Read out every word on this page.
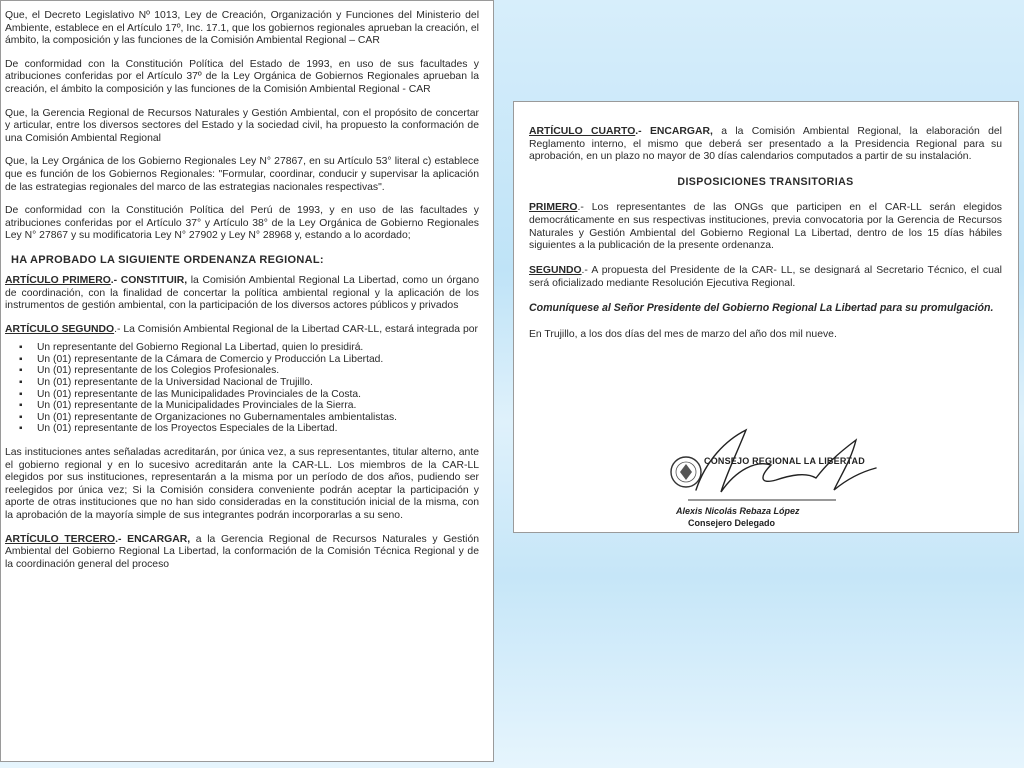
Que, el Decreto Legislativo Nº 1013, Ley de Creación, Organización y Funciones del Ministerio del Ambiente, establece en el Artículo 17º, Inc. 17.1, que los gobiernos regionales aprueban la creación, el ámbito, la composición y las funciones de la Comisión Ambiental Regional – CAR

De conformidad con la Constitución Política del Estado de 1993, en uso de sus facultades y atribuciones conferidas por el Artículo 37º de la Ley Orgánica de Gobiernos Regionales aprueban la creación, el ámbito la composición y las funciones de la Comisión Ambiental Regional - CAR

Que, la Gerencia Regional de Recursos Naturales y Gestión Ambiental, con el propósito de concertar y articular, entre los diversos sectores del Estado y la sociedad civil, ha propuesto la conformación de una Comisión Ambiental Regional

Que, la Ley Orgánica de los Gobierno Regionales Ley N° 27867, en su Artículo 53° literal c) establece que es función de los Gobiernos Regionales: "Formular, coordinar, conducir y supervisar la aplicación de las estrategias regionales del marco de las estrategias nacionales respectivas".

De conformidad con la Constitución Política del Perú de 1993, y en uso de las facultades y atribuciones conferidas por el Artículo 37° y Artículo 38° de la Ley Orgánica de Gobierno Regionales Ley N° 27867 y su modificatoria Ley N° 27902 y Ley N° 28968 y, estando a lo acordado;

HA APROBADO LA SIGUIENTE ORDENANZA REGIONAL:

ARTÍCULO PRIMERO.- CONSTITUIR, la Comisión Ambiental Regional La Libertad, como un órgano de coordinación, con la finalidad de concertar la política ambiental regional y la aplicación de los instrumentos de gestión ambiental, con la participación de los diversos actores públicos y privados

ARTÍCULO SEGUNDO.- La Comisión Ambiental Regional de la Libertad CAR-LL, estará integrada por

▪ Un representante del Gobierno Regional La Libertad, quien lo presidirá.
▪ Un (01) representante de la Cámara de Comercio y Producción La Libertad.
▪ Un (01) representante de los Colegios Profesionales.
▪ Un (01) representante de la Universidad Nacional de Trujillo.
▪ Un (01) representante de las Municipalidades Provinciales de la Costa.
▪ Un (01) representante de la Municipalidades Provinciales de la Sierra.
▪ Un (01) representante de Organizaciones no Gubernamentales ambientalistas.
▪ Un (01) representante de los Proyectos Especiales de la Libertad.

Las instituciones antes señaladas acreditarán, por única vez, a sus representantes, titular alterno, ante el gobierno regional y en lo sucesivo acreditarán ante la CAR-LL. Los miembros de la CAR-LL elegidos por sus instituciones, representarán a la misma por un período de dos años, pudiendo ser reelegidos por única vez; Si la Comisión considera conveniente podrán aceptar la participación y aporte de otras instituciones que no han sido consideradas en la constitución inicial de la misma, con la aprobación de la mayoría simple de sus integrantes podrán incorporarlas a su seno.

ARTÍCULO TERCERO.- ENCARGAR, a la Gerencia Regional de Recursos Naturales y Gestión Ambiental del Gobierno Regional La Libertad, la conformación de la Comisión Técnica Regional y de la coordinación general del proceso

ARTÍCULO CUARTO.- ENCARGAR, a la Comisión Ambiental Regional, la elaboración del Reglamento interno, el mismo que deberá ser presentado a la Presidencia Regional para su aprobación, en un plazo no mayor de 30 días calendarios computados a partir de su instalación.

DISPOSICIONES TRANSITORIAS

PRIMERO.- Los representantes de las ONGs que participen en el CAR-LL serán elegidos democráticamente en sus respectivas instituciones, previa convocatoria por la Gerencia de Recursos Naturales y Gestión Ambiental del Gobierno Regional La Libertad, dentro de los 15 días hábiles siguientes a la publicación de la presente ordenanza.

SEGUNDO.- A propuesta del Presidente de la CAR- LL, se designará al Secretario Técnico, el cual será oficializado mediante Resolución Ejecutiva Regional.

Comuníquese al Señor Presidente del Gobierno Regional La Libertad para su promulgación.

En Trujillo, a los dos días del mes de marzo del año dos mil nueve.

CONSEJO REGIONAL LA LIBERTAD
Alexis Nicolás Rebaza López
Consejero Delegado
